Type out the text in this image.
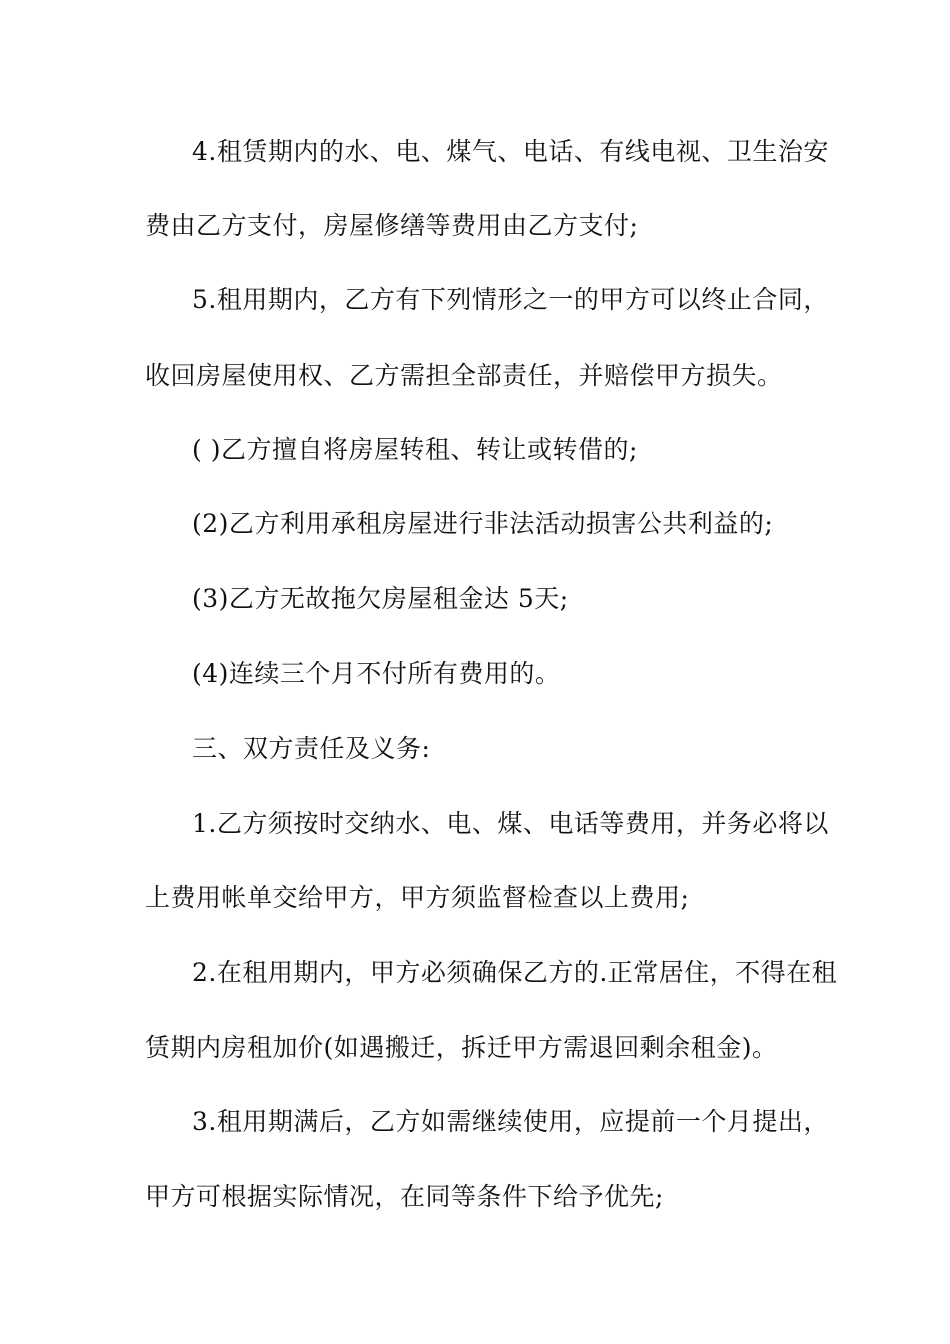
4.租赁期内的水、电、煤气、电话、有线电视、卫生治安
费由乙方支付，房屋修缮等费用由乙方支付;
5.租用期内，乙方有下列情形之一的甲方可以终止合同，
收回房屋使用权、乙方需担全部责任，并赔偿甲方损失。
( )乙方擅自将房屋转租、转让或转借的;
(2)乙方利用承租房屋进行非法活动损害公共利益的;
(3)乙方无故拖欠房屋租金达 5天;
(4)连续三个月不付所有费用的。
三、双方责任及义务:
1.乙方须按时交纳水、电、煤、电话等费用，并务必将以
上费用帐单交给甲方，甲方须监督检查以上费用;
2.在租用期内，甲方必须确保乙方的.正常居住，不得在租
赁期内房租加价(如遇搬迁，拆迁甲方需退回剩余租金)。
3.租用期满后，乙方如需继续使用，应提前一个月提出，
甲方可根据实际情况，在同等条件下给予优先;
